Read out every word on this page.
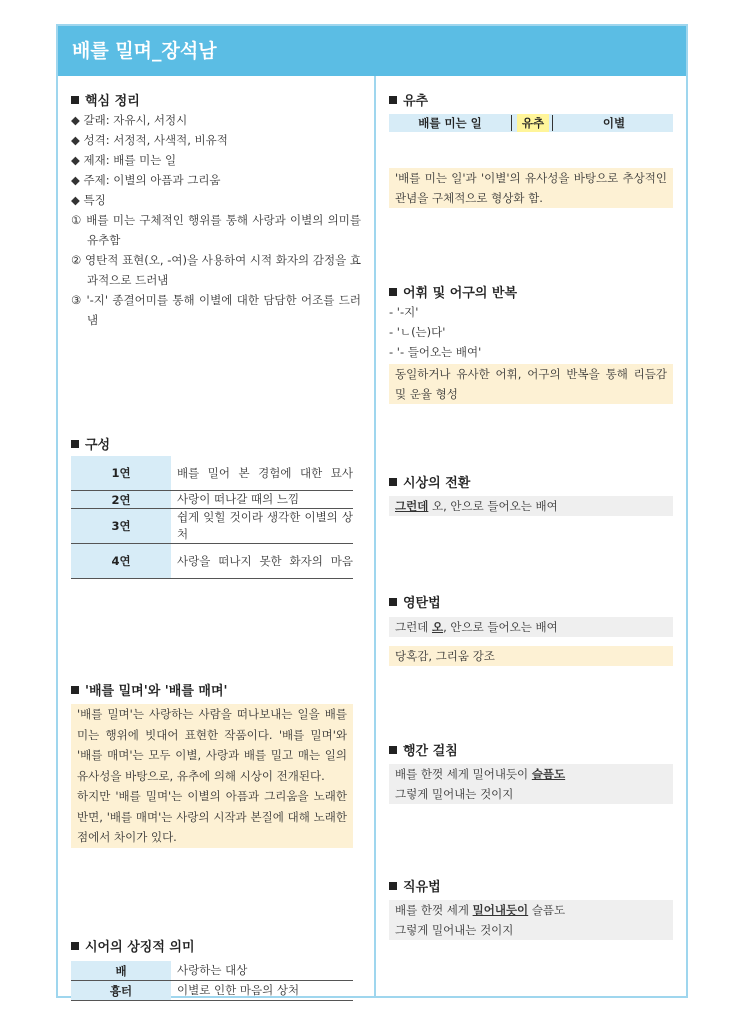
배를 밀며_장석남
핵심 정리
◆ 갈래: 자유시, 서정시
◆ 성격: 서정적, 사색적, 비유적
◆ 제재: 배를 미는 일
◆ 주제: 이별의 아픔과 그리움
◆ 특징
① 배를 미는 구체적인 행위를 통해 사랑과 이별의 의미를 유추함
② 영탄적 표현(오, -여)을 사용하여 시적 화자의 감정을 효과적으로 드러냄
③ '-지' 종결어미를 통해 이별에 대한 담담한 어조를 드러냄
구성
1연	배를 밀어 본 경험에 대한 묘사
2연	사랑이 떠나갈 때의 느낌
3연	쉽게 잊힐 것이라 생각한 이별의 상처
4연	사랑을 떠나지 못한 화자의 마음
'배를 밀며'와 '배를 매며'
'배를 밀며'는 사랑하는 사람을 떠나보내는 일을 배를 미는 행위에 빗대어 표현한 작품이다. '배를 밀며'와 '배를 매며'는 모두 이별, 사랑과 배를 밀고 매는 일의 유사성을 바탕으로, 유추에 의해 시상이 전개된다.
하지만 '배를 밀며'는 이별의 아픔과 그리움을 노래한 반면, '배를 매며'는 사랑의 시작과 본질에 대해 노래한 점에서 차이가 있다.
시어의 상징적 의미
배	사랑하는 대상
흉터	이별로 인한 마음의 상처
유추
배를 미는 일	유추	이별
'배를 미는 일'과 '이별'의 유사성을 바탕으로 추상적인 관념을 구체적으로 형상화 함.
어휘 및 어구의 반복
- '-지'
- 'ㄴ(는)다'
- '- 들어오는 배여'
동일하거나 유사한 어휘, 어구의 반복을 통해 리듬감 및 운율 형성
시상의 전환
그런데 오, 안으로 들어오는 배여
영탄법
그런데 오, 안으로 들어오는 배여
당혹감, 그리움 강조
행간 걸침
배를 한껏 세게 밀어내듯이 슬픔도
그렇게 밀어내는 것이지
직유법
배를 한껏 세게 밀어내듯이 슬픔도
그렇게 밀어내는 것이지
